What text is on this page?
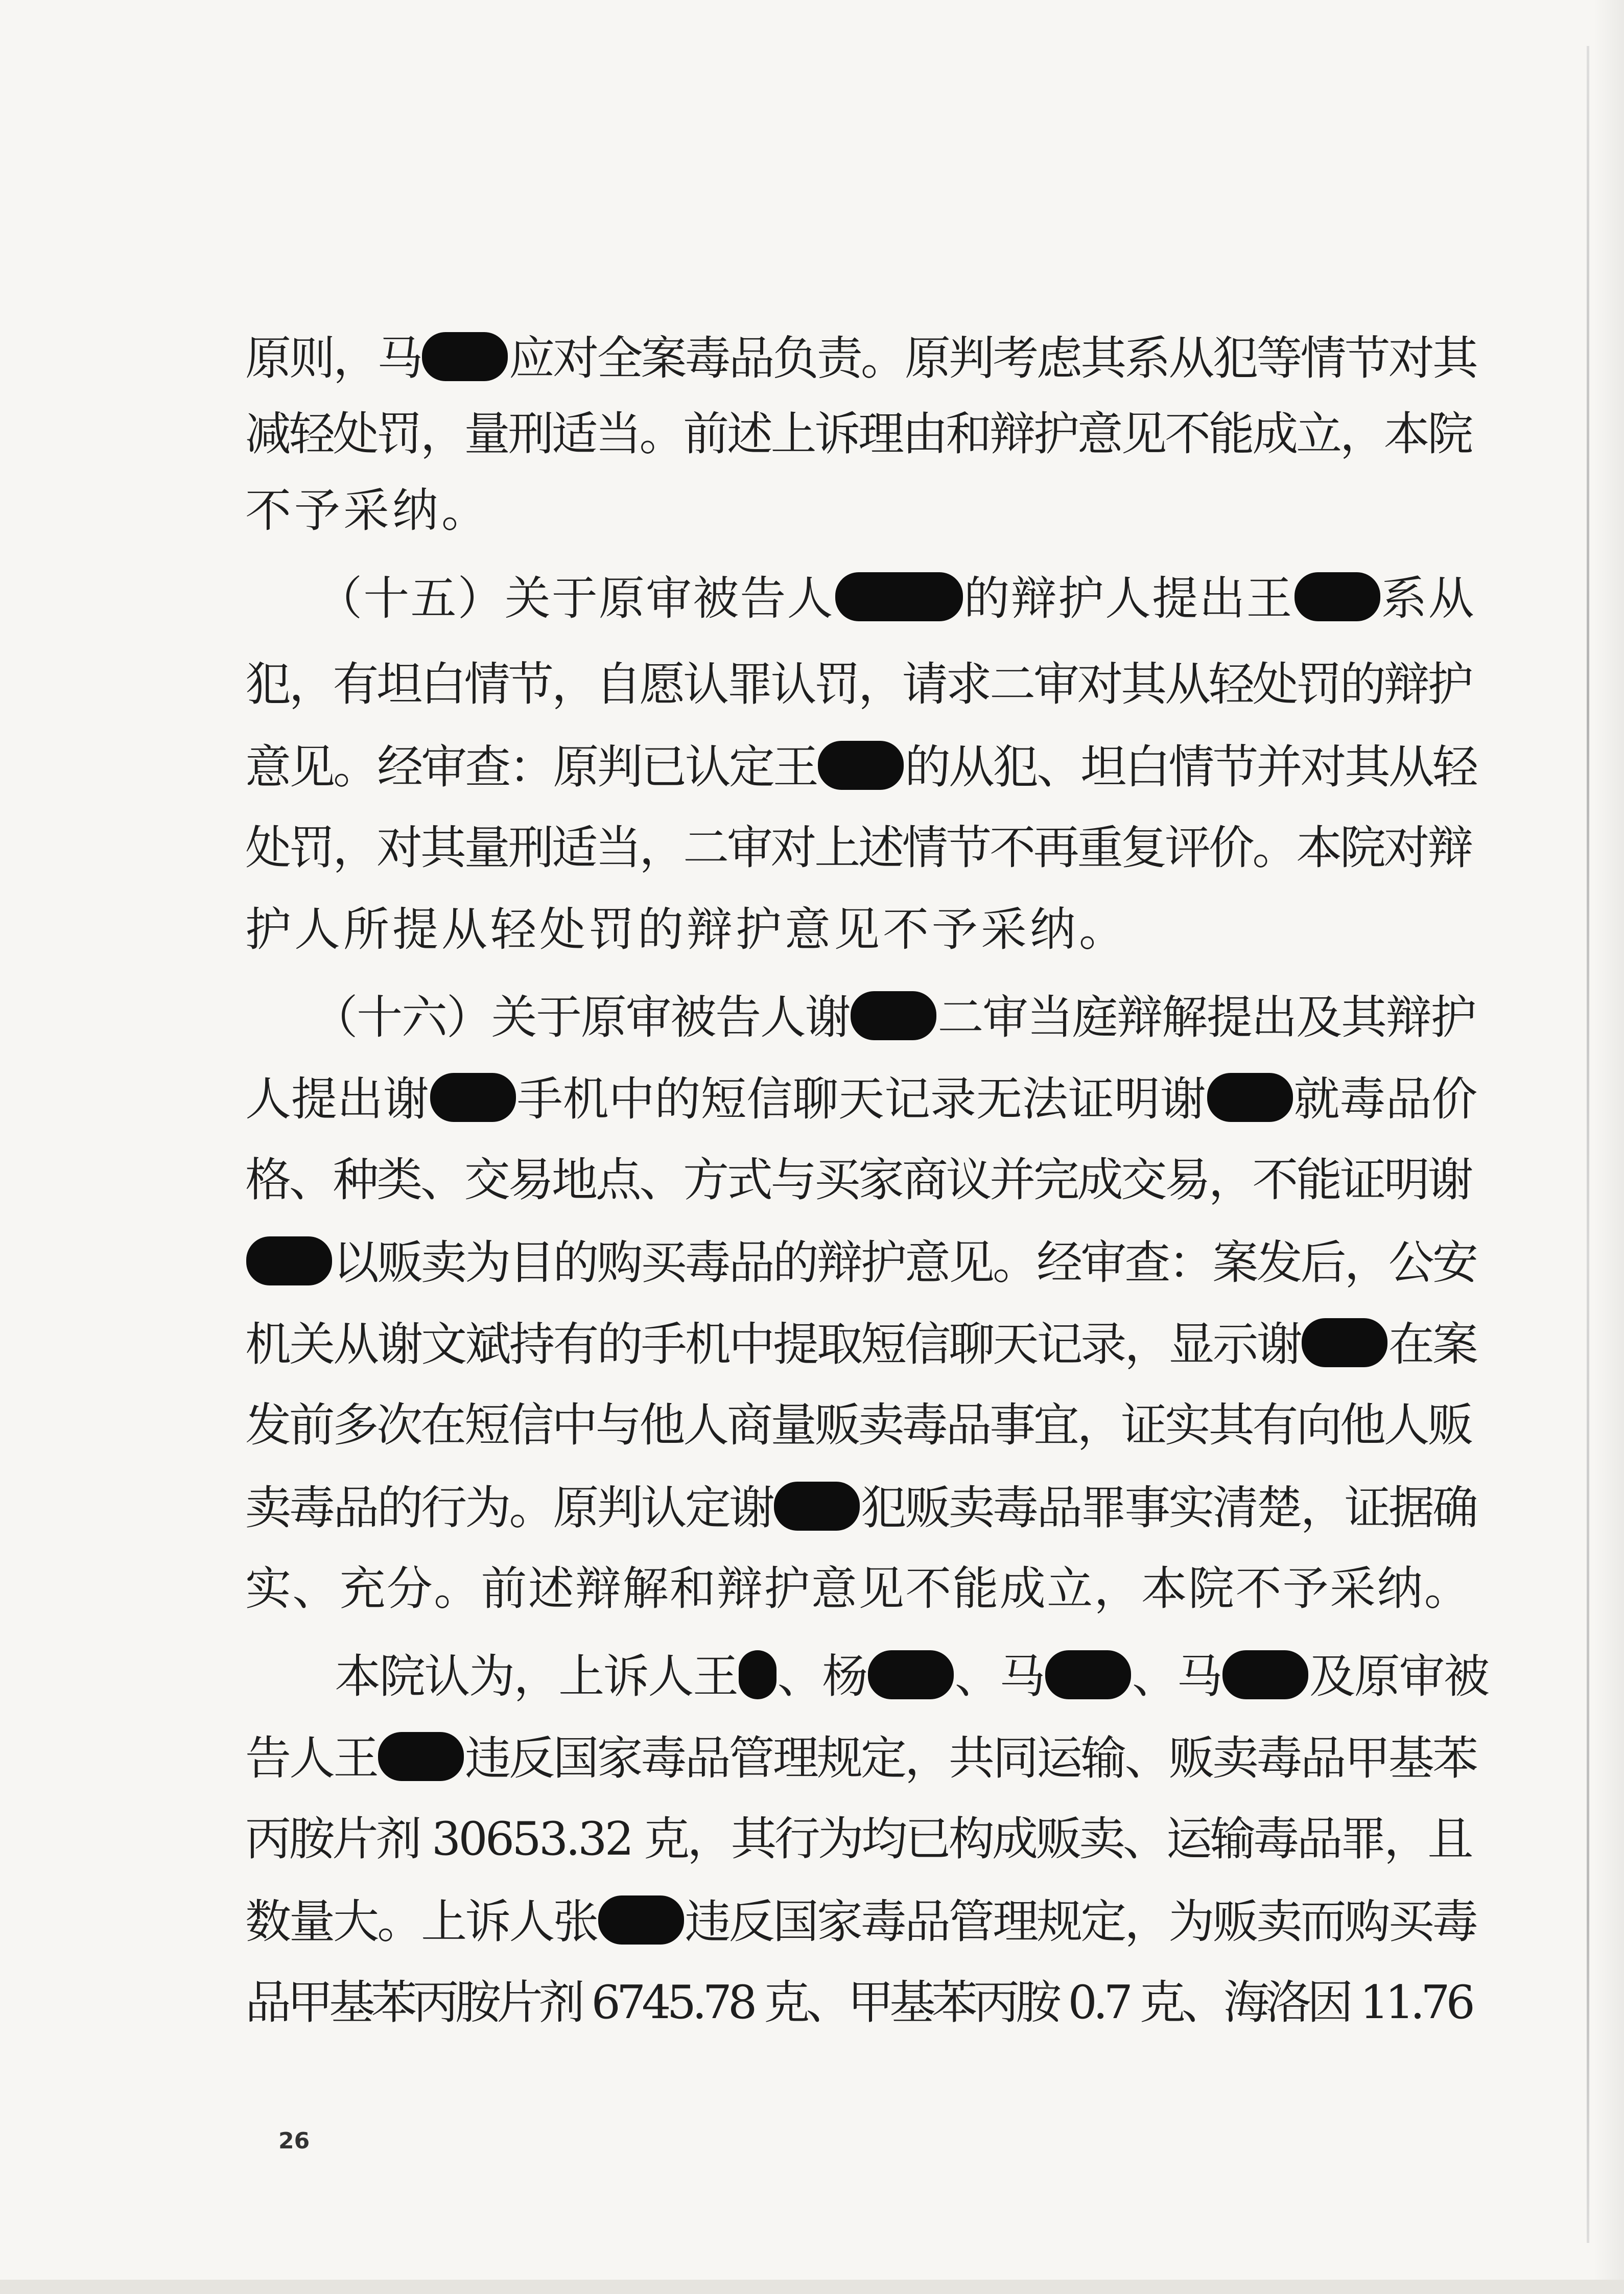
原则，马 应对全案毒品负责。原判考虑其系从犯等情节对其
减轻处罚，量刑适当。前述上诉理由和辩护意见不能成立，本院
不予采纳。
　　（十五）关于原审被告人	的辩护人提出王 系从
犯，有坦白情节，自愿认罪认罚，请求二审对其从轻处罚的辩护
意见。经审查：原判已认定王 的从犯、坦白情节并对其从轻
处罚，对其量刑适当，二审对上述情节不再重复评价。本院对辩
护人所提从轻处罚的辩护意见不予采纳。
　　（十六）关于原审被告人谢 二审当庭辩解提出及其辩护
人提出谢 手机中的短信聊天记录无法证明谢 就毒品价
格、种类、交易地点、方式与买家商议并完成交易，不能证明谢
以贩卖为目的购买毒品的辩护意见。经审查：案发后，公安
机关从谢文斌持有的手机中提取短信聊天记录，显示谢 在案
发前多次在短信中与他人商量贩卖毒品事宜，证实其有向他人贩
卖毒品的行为。原判认定谢 犯贩卖毒品罪事实清楚，证据确
实、充分。前述辩解和辩护意见不能成立，本院不予采纳。
　　本院认为，上诉人王 、杨 、马 、马 及原审被
告人王 违反国家毒品管理规定，共同运输、贩卖毒品甲基苯
丙胺片剂 30653.32 克，其行为均已构成贩卖、运输毒品罪，且
数量大。上诉人张 违反国家毒品管理规定，为贩卖而购买毒
品甲基苯丙胺片剂 6745.78 克、甲基苯丙胺 0.7 克、海洛因 11.76
26
